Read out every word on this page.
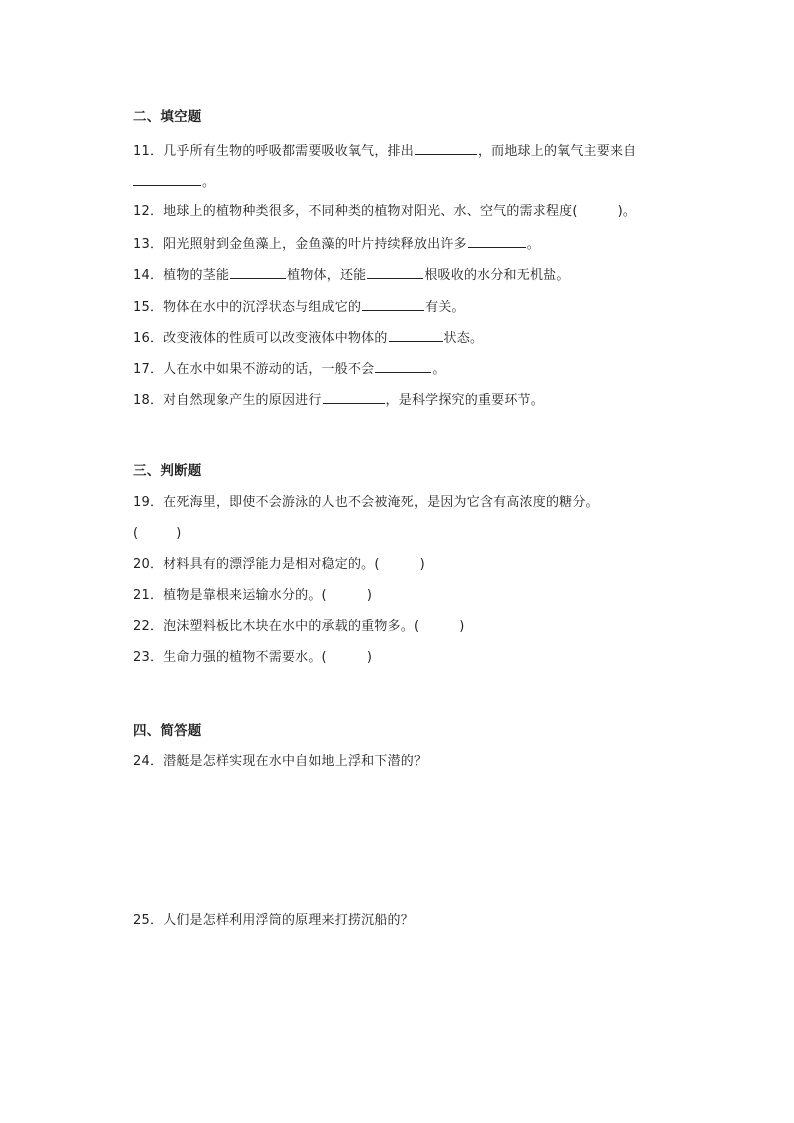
二、填空题
11．几乎所有生物的呼吸都需要吸收氧气，排出	，而地球上的氧气主要来自
。
12．地球上的植物种类很多，不同种类的植物对阳光、水、空气的需求程度(	)。
13．阳光照射到金鱼藻上，金鱼藻的叶片持续释放出许多	。
14．植物的茎能	植物体，还能	根吸收的水分和无机盐。
15．物体在水中的沉浮状态与组成它的	有关。
16．改变液体的性质可以改变液体中物体的	状态。
17．人在水中如果不游动的话，一般不会	。
18．对自然现象产生的原因进行	，是科学探究的重要环节。
三、判断题
19．在死海里，即使不会游泳的人也不会被淹死，是因为它含有高浓度的糖分。
(	)
20．材料具有的漂浮能力是相对稳定的。(	)
21．植物是靠根来运输水分的。(	)
22．泡沫塑料板比木块在水中的承载的重物多。(	)
23．生命力强的植物不需要水。(	)
四、简答题
24．潜艇是怎样实现在水中自如地上浮和下潜的？
25．人们是怎样利用浮筒的原理来打捞沉船的？
